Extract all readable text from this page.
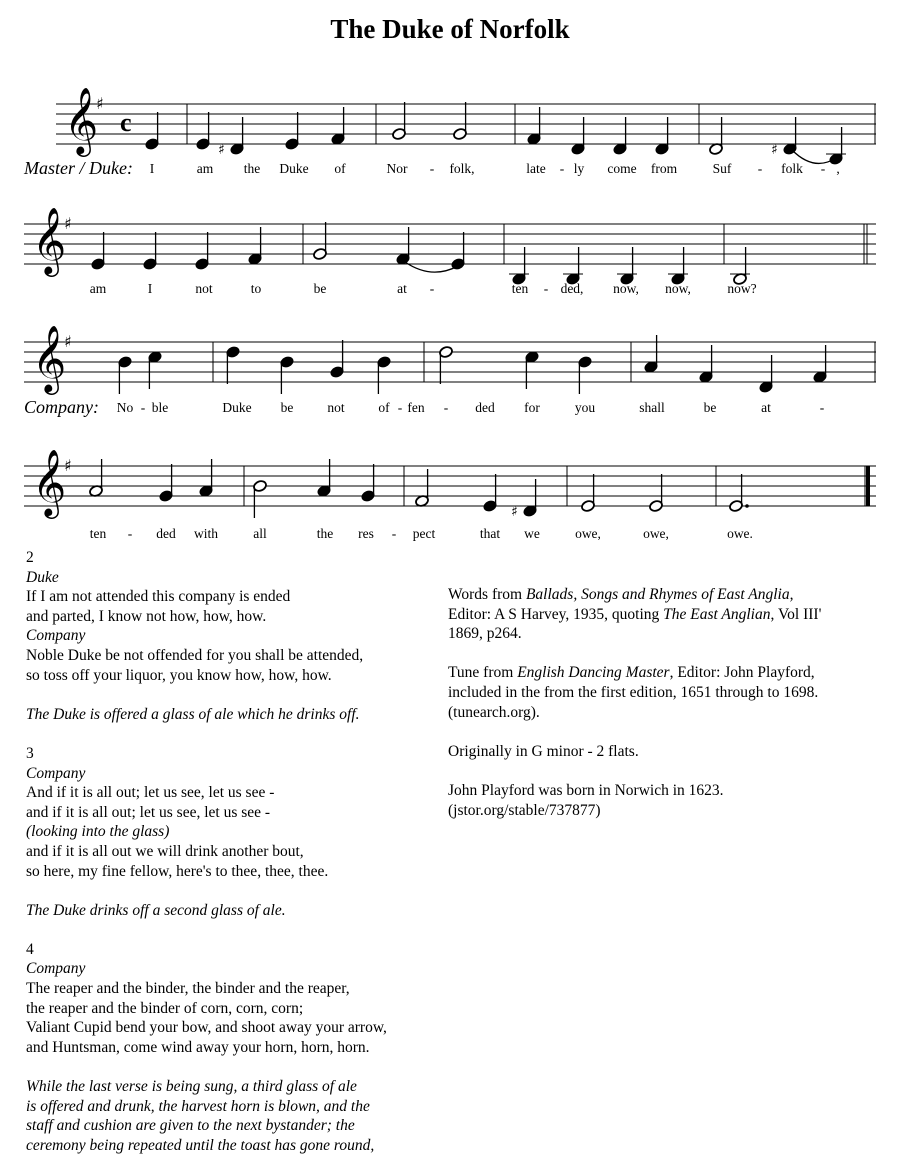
The Duke of Norfolk
𝄞
♯
c
♯	♯
𝄞
♯
𝄞
♯
𝄞
♯
♯
Master / Duke:
Company:
I	am the Duke of	Nor - folk,	late - ly come from	Suf - folk - ,
am	I	not	to	be	at -	ten - ded, now, now,	now?
No - ble	Duke be	not of - fen - ded for	you	shall	be	at	-
ten - ded with	all	the res - pect	that we	owe,	owe,	owe.
2
Duke
If I am not attended this company is ended
and parted, I know not how, how, how.
Company
Noble Duke be not offended for you shall be attended,
so toss off your liquor, you know how, how, how.
The Duke is offered a glass of ale which he drinks off.
3
Company
And if it is all out; let us see, let us see -
and if it is all out; let us see, let us see -
(looking into the glass)
and if it is all out we will drink another bout,
so here, my fine fellow, here's to thee, thee, thee.
The Duke drinks off a second glass of ale.
4
Company
The reaper and the binder, the binder and the reaper,
the reaper and the binder of corn, corn, corn;
Valiant Cupid bend your bow, and shoot away your arrow,
and Huntsman, come wind away your horn, horn, horn.
While the last verse is being sung, a third glass of ale
is offered and drunk, the harvest horn is blown, and the
staff and cushion are given to the next bystander; the
ceremony being repeated until the toast has gone round,
Words from Ballads, Songs and Rhymes of East Anglia,
Editor: A S Harvey, 1935, quoting The East Anglian, Vol III'
1869, p264.
Tune from English Dancing Master, Editor: John Playford,
included in the from the first edition, 1651 through to 1698.
(tunearch.org).
Originally in G minor - 2 flats.
John Playford was born in Norwich in 1623.
(jstor.org/stable/737877)
